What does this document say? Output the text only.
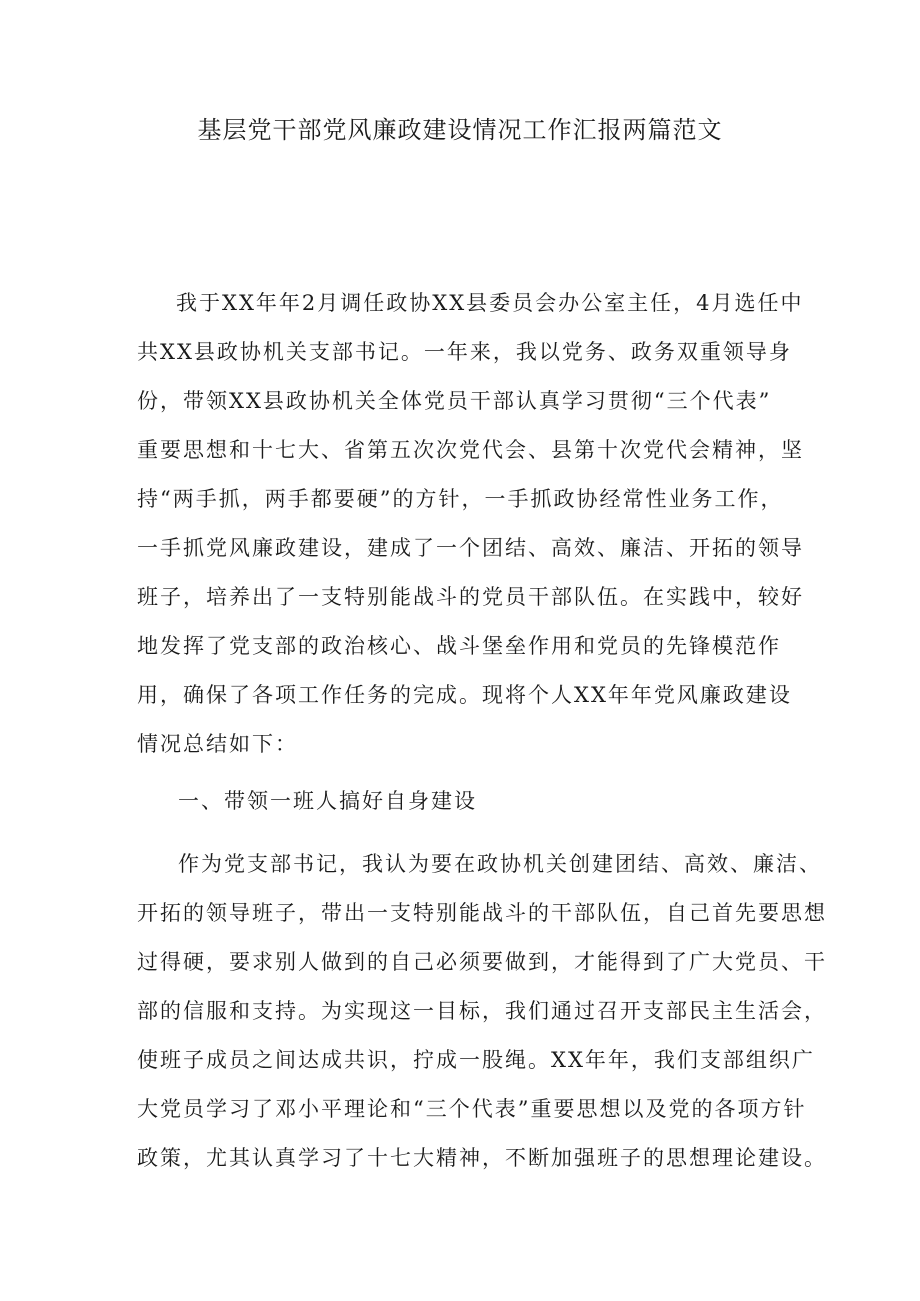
基层党干部党风廉政建设情况工作汇报两篇范文
我于XX年年2月调任政协XX县委员会办公室主任，4月选任中
共XX县政协机关支部书记。一年来，我以党务、政务双重领导身
份，带领XX县政协机关全体党员干部认真学习贯彻“三个代表”
重要思想和十七大、省第五次次党代会、县第十次党代会精神，坚
持“两手抓，两手都要硬”的方针，一手抓政协经常性业务工作，
一手抓党风廉政建设，建成了一个团结、高效、廉洁、开拓的领导
班子，培养出了一支特别能战斗的党员干部队伍。在实践中，较好
地发挥了党支部的政治核心、战斗堡垒作用和党员的先锋模范作
用，确保了各项工作任务的完成。现将个人XX年年党风廉政建设
情况总结如下：
一、带领一班人搞好自身建设
作为党支部书记，我认为要在政协机关创建团结、高效、廉洁、
开拓的领导班子，带出一支特别能战斗的干部队伍，自己首先要思想
过得硬，要求别人做到的自己必须要做到，才能得到了广大党员、干
部的信服和支持。为实现这一目标，我们通过召开支部民主生活会，
使班子成员之间达成共识，拧成一股绳。XX年年，我们支部组织广
大党员学习了邓小平理论和“三个代表”重要思想以及党的各项方针
政策，尤其认真学习了十七大精神，不断加强班子的思想理论建设。
